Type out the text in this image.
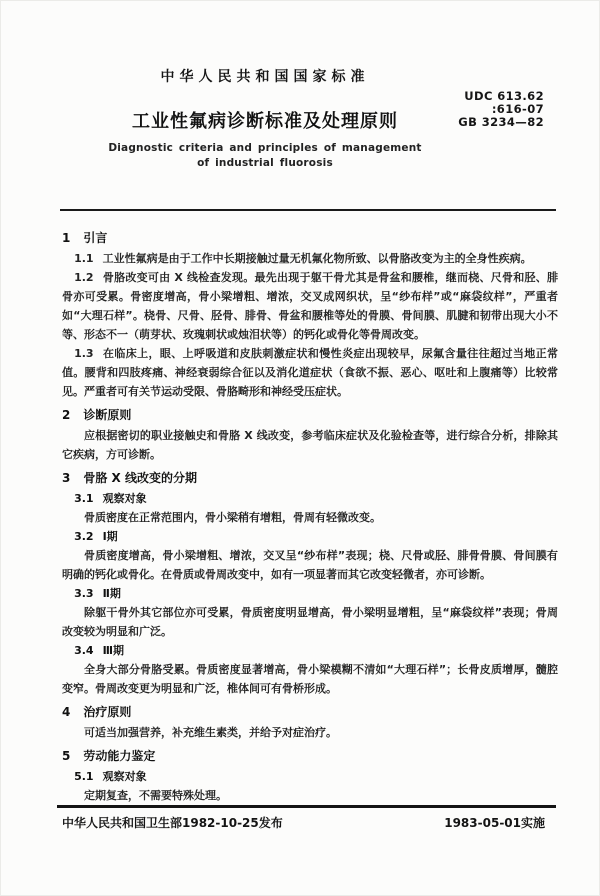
中华人民共和国国家标准
工业性氟病诊断标准及处理原则
Diagnostic criteria and principles of management
of industrial fluorosis
UDC 613.62
:616-07
GB 3234—82
1 引言

1.1 工业性氟病是由于工作中长期接触过量无机氟化物所致、以骨胳改变为主的全身性疾病。

1.2 骨胳改变可由 X 线检查发现。最先出现于躯干骨尤其是骨盆和腰椎，继而桡、尺骨和胫、腓骨亦可受累。骨密度增高，骨小梁增粗、增浓，交叉成网织状，呈“纱布样”或“麻袋纹样”，严重者如“大理石样”。桡骨、尺骨、胫骨、腓骨、骨盆和腰椎等处的骨膜、骨间膜、肌腱和韧带出现大小不等、形态不一（萌芽状、玫瑰刺状或烛泪状等）的钙化或骨化等骨周改变。

1.3 在临床上，眼、上呼吸道和皮肤刺激症状和慢性炎症出现较早，尿氟含量往往超过当地正常值。腰背和四肢疼痛、神经衰弱综合征以及消化道症状（食欲不振、恶心、呕吐和上腹痛等）比较常见。严重者可有关节运动受限、骨胳畸形和神经受压症状。

2 诊断原则

应根据密切的职业接触史和骨胳 X 线改变，参考临床症状及化验检查等，进行综合分析，排除其它疾病，方可诊断。

3 骨胳 X 线改变的分期

3.1 观察对象

骨质密度在正常范围内，骨小梁稍有增粗，骨周有轻微改变。

3.2 Ⅰ期

骨质密度增高，骨小梁增粗、增浓，交叉呈“纱布样”表现；桡、尺骨或胫、腓骨骨膜、骨间膜有明确的钙化或骨化。在骨质或骨周改变中，如有一项显著而其它改变轻微者，亦可诊断。

3.3 Ⅱ期

除躯干骨外其它部位亦可受累，骨质密度明显增高，骨小梁明显增粗，呈“麻袋纹样”表现；骨周改变较为明显和广泛。

3.4 Ⅲ期

全身大部分骨胳受累。骨质密度显著增高，骨小梁模糊不清如“大理石样”；长骨皮质增厚，髓腔变窄。骨周改变更为明显和广泛，椎体间可有骨桥形成。

4 治疗原则

可适当加强营养，补充维生素类，并给予对症治疗。

5 劳动能力鉴定

5.1 观察对象

定期复查，不需要特殊处理。

中华人民共和国卫生部1982-10-25发布	1983-05-01实施
